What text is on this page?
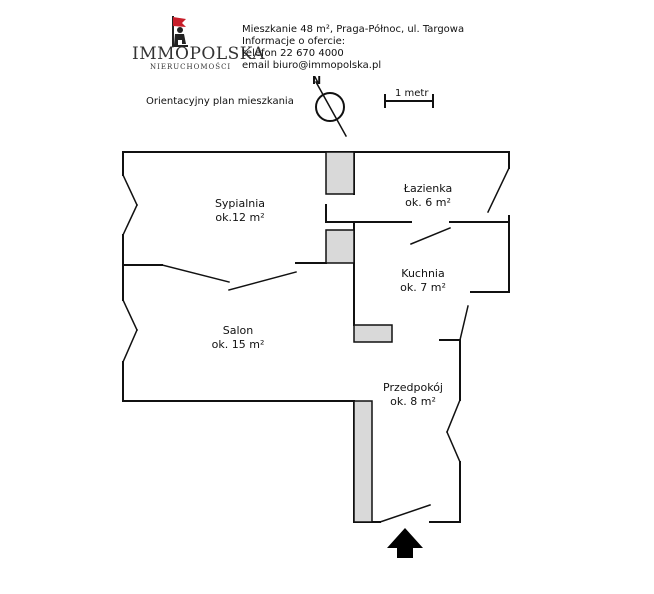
IMMOPOLSKA
NIERUCHOMOŚCI
Mieszkanie 48 m², Praga-Północ, ul. Targowa
Informacje o ofercie:
telefon 22 670 4000
email biuro@immopolska.pl
Orientacyjny plan mieszkania
1 metr
N
Sypialnia
ok.12 m²
Łazienka
ok. 6 m²
Kuchnia
ok. 7 m²
Salon
ok. 15 m²
Przedpokój
ok. 8 m²
